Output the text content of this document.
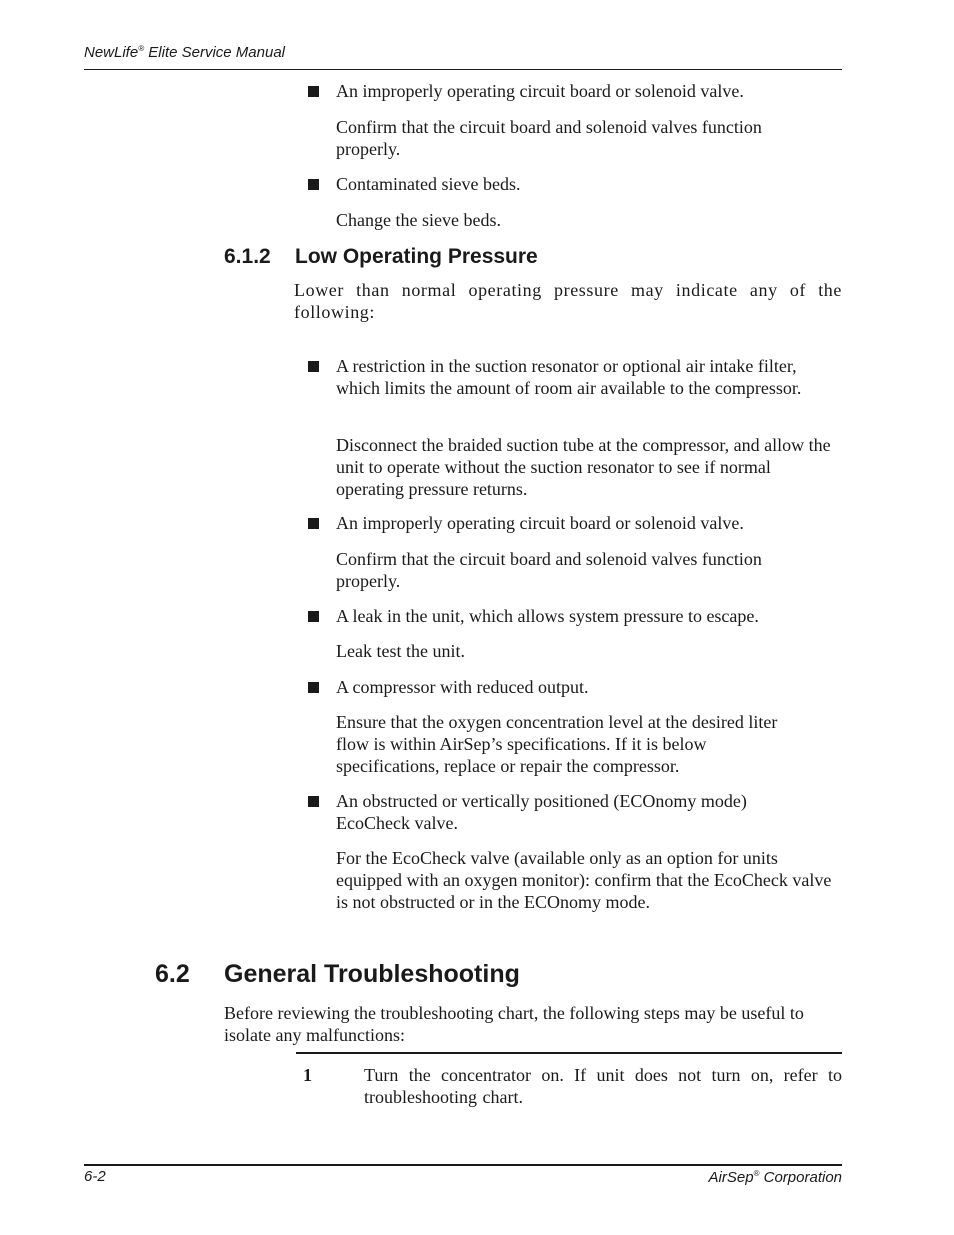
NewLife® Elite Service Manual
An improperly operating circuit board or solenoid valve.
Confirm that the circuit board and solenoid valves function properly.
Contaminated sieve beds.
Change the sieve beds.
6.1.2 Low Operating Pressure
Lower than normal operating pressure may indicate any of the following:
A restriction in the suction resonator or optional air intake filter, which limits the amount of room air available to the compressor.
Disconnect the braided suction tube at the compressor, and allow the unit to operate without the suction resonator to see if normal operating pressure returns.
An improperly operating circuit board or solenoid valve.
Confirm that the circuit board and solenoid valves function properly.
A leak in the unit, which allows system pressure to escape.
Leak test the unit.
A compressor with reduced output.
Ensure that the oxygen concentration level at the desired liter flow is within AirSep’s specifications. If it is below specifications, replace or repair the compressor.
An obstructed or vertically positioned (ECOnomy mode) EcoCheck valve.
For the EcoCheck valve (available only as an option for units equipped with an oxygen monitor): confirm that the EcoCheck valve is not obstructed or in the ECOnomy mode.
6.2 General Troubleshooting
Before reviewing the troubleshooting chart, the following steps may be useful to isolate any malfunctions:
1	Turn the concentrator on. If unit does not turn on, refer to troubleshooting chart.
6-2	AirSep® Corporation
